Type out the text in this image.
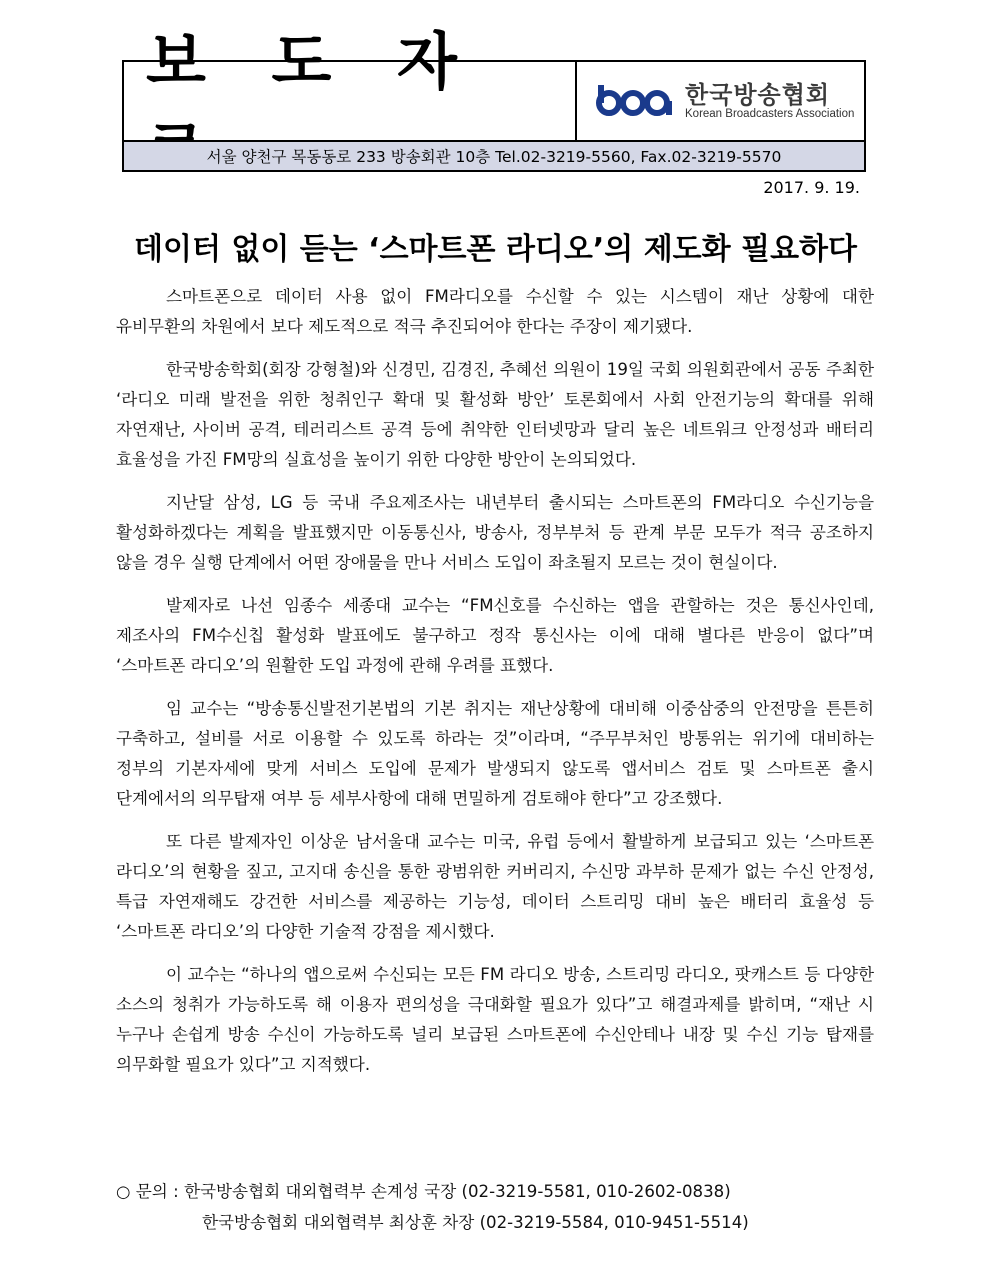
보 도 자	한국방송협회
Korean Broadcasters Association
서울 양천구 목동동로 233 방송회관 10층 Tel.02-3219-5560, Fax.02-3219-5570
2017. 9. 19.
데이터 없이 듣는 ‘스마트폰 라디오’의 제도화 필요하다

스마트폰으로 데이터 사용 없이 FM라디오를 수신할 수 있는 시스템이 재난 상황에 대한 유비무환의 차원에서 보다 제도적으로 적극 추진되어야 한다는 주장이 제기됐다.

한국방송학회(회장 강형철)와 신경민, 김경진, 추혜선 의원이 19일 국회 의원회관에서 공동 주최한 ‘라디오 미래 발전을 위한 청취인구 확대 및 활성화 방안’ 토론회에서 사회 안전기능의 확대를 위해 자연재난, 사이버 공격, 테러리스트 공격 등에 취약한 인터넷망과 달리 높은 네트워크 안정성과 배터리 효율성을 가진 FM망의 실효성을 높이기 위한 다양한 방안이 논의되었다.

지난달 삼성, LG 등 국내 주요제조사는 내년부터 출시되는 스마트폰의 FM라디오 수신기능을 활성화하겠다는 계획을 발표했지만 이동통신사, 방송사, 정부부처 등 관계 부문 모두가 적극 공조하지 않을 경우 실행 단계에서 어떤 장애물을 만나 서비스 도입이 좌초될지 모르는 것이 현실이다.

발제자로 나선 임종수 세종대 교수는 “FM신호를 수신하는 앱을 관할하는 것은 통신사인데, 제조사의 FM수신칩 활성화 발표에도 불구하고 정작 통신사는 이에 대해 별다른 반응이 없다”며 ‘스마트폰 라디오’의 원활한 도입 과정에 관해 우려를 표했다.

임 교수는 “방송통신발전기본법의 기본 취지는 재난상황에 대비해 이중삼중의 안전망을 튼튼히 구축하고, 설비를 서로 이용할 수 있도록 하라는 것”이라며, “주무부처인 방통위는 위기에 대비하는 정부의 기본자세에 맞게 서비스 도입에 문제가 발생되지 않도록 앱서비스 검토 및 스마트폰 출시 단계에서의 의무탑재 여부 등 세부사항에 대해 면밀하게 검토해야 한다”고 강조했다.

또 다른 발제자인 이상운 남서울대 교수는 미국, 유럽 등에서 활발하게 보급되고 있는 ‘스마트폰 라디오’의 현황을 짚고, 고지대 송신을 통한 광범위한 커버리지, 수신망 과부하 문제가 없는 수신 안정성, 특급 자연재해도 강건한 서비스를 제공하는 기능성, 데이터 스트리밍 대비 높은 배터리 효율성 등 ‘스마트폰 라디오’의 다양한 기술적 강점을 제시했다.

이 교수는 “하나의 앱으로써 수신되는 모든 FM 라디오 방송, 스트리밍 라디오, 팟캐스트 등 다양한 소스의 청취가 가능하도록 해 이용자 편의성을 극대화할 필요가 있다”고 해결과제를 밝히며, “재난 시 누구나 손쉽게 방송 수신이 가능하도록 널리 보급된 스마트폰에 수신안테나 내장 및 수신 기능 탑재를 의무화할 필요가 있다”고 지적했다.

○ 문의 : 한국방송협회 대외협력부 손계성 국장 (02-3219-5581, 010-2602-0838)
한국방송협회 대외협력부 최상훈 차장 (02-3219-5584, 010-9451-5514)
